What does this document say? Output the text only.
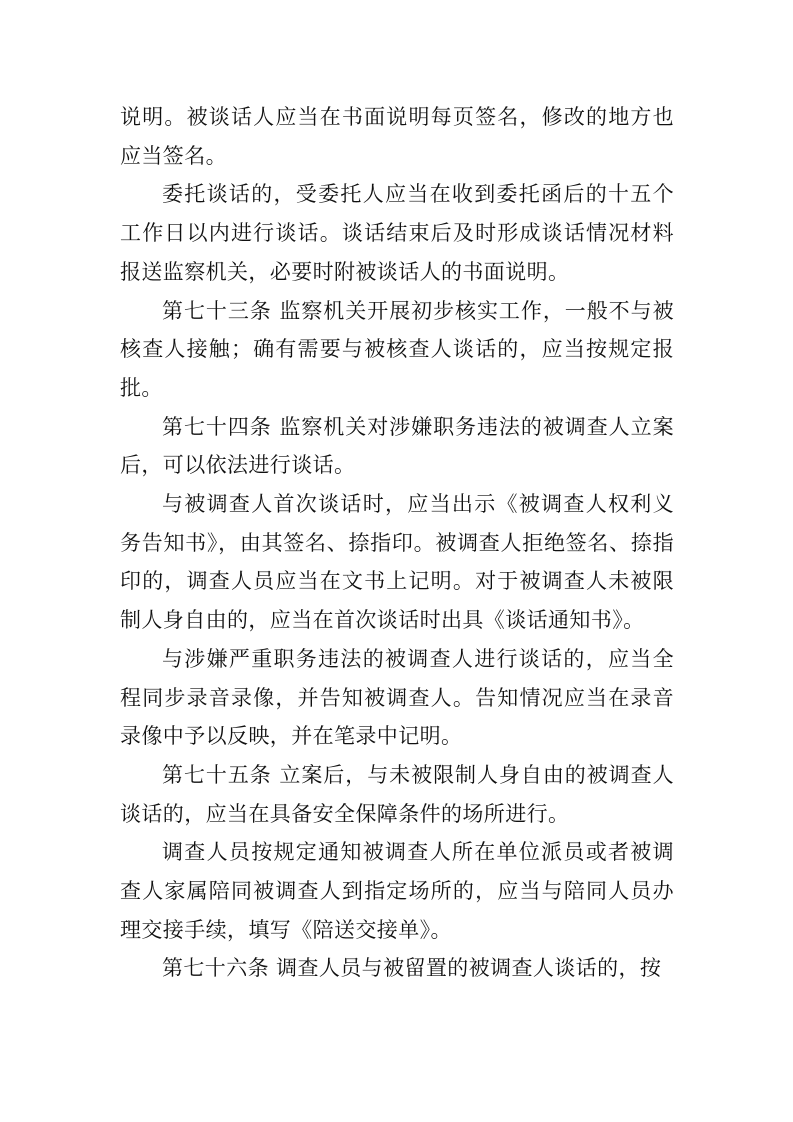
说明。被谈话人应当在书面说明每页签名，修改的地方也应当签名。

委托谈话的，受委托人应当在收到委托函后的十五个工作日以内进行谈话。谈话结束后及时形成谈话情况材料报送监察机关，必要时附被谈话人的书面说明。

第七十三条 监察机关开展初步核实工作，一般不与被核查人接触；确有需要与被核查人谈话的，应当按规定报批。

第七十四条 监察机关对涉嫌职务违法的被调查人立案后，可以依法进行谈话。

与被调查人首次谈话时，应当出示《被调查人权利义务告知书》，由其签名、捺指印。被调查人拒绝签名、捺指印的，调查人员应当在文书上记明。对于被调查人未被限制人身自由的，应当在首次谈话时出具《谈话通知书》。

与涉嫌严重职务违法的被调查人进行谈话的，应当全程同步录音录像，并告知被调查人。告知情况应当在录音录像中予以反映，并在笔录中记明。

第七十五条 立案后，与未被限制人身自由的被调查人谈话的，应当在具备安全保障条件的场所进行。

调查人员按规定通知被调查人所在单位派员或者被调查人家属陪同被调查人到指定场所的，应当与陪同人员办理交接手续，填写《陪送交接单》。

第七十六条 调查人员与被留置的被调查人谈话的，按
